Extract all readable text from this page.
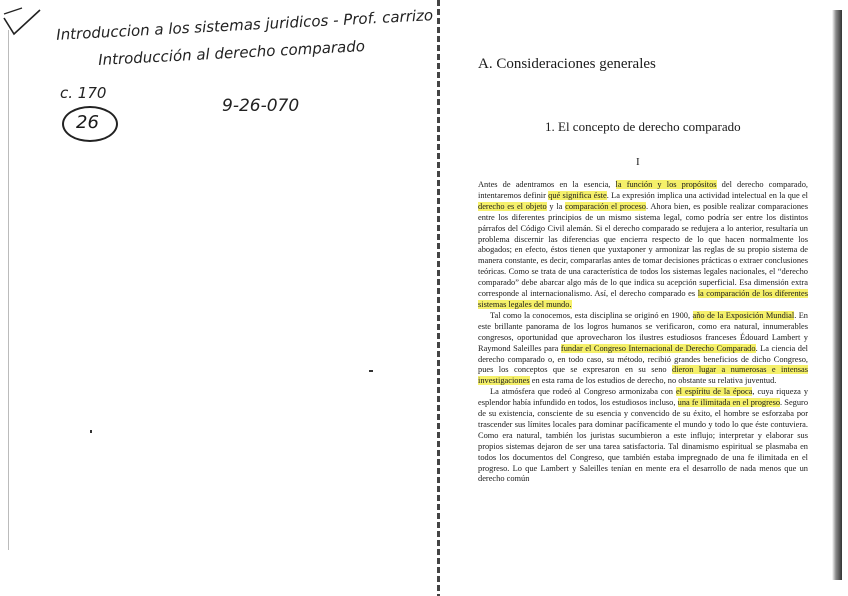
Introduccion a los sistemas juridicos - Prof. carrizo
Introducción al derecho comparado
c. 170
26
9-26-070
A. Consideraciones generales
1. El concepto de derecho comparado
I

Antes de adentramos en la esencia, la función y los propósitos del derecho comparado, intentaremos definir qué significa éste. La expresión implica una actividad intelectual en la que el derecho es el objeto y la comparación el proceso. Ahora bien, es posible realizar comparaciones entre los diferentes principios de un mismo sistema legal, como podría ser entre los distintos párrafos del Código Civil alemán. Si el derecho comparado se redujera a lo anterior, resultaría un problema discernir las diferencias que encierra respecto de lo que hacen normalmente los abogados; en efecto, éstos tienen que yuxtaponer y armonizar las reglas de su propio sistema de manera constante, es decir, compararlas antes de tomar decisiones prácticas o extraer conclusiones teóricas. Como se trata de una característica de todos los sistemas legales nacionales, el “derecho comparado” debe abarcar algo más de lo que indica su acepción superficial. Esa dimensión extra corresponde al internacionalismo. Así, el derecho comparado es la comparación de los diferentes sistemas legales del mundo.

Tal como la conocemos, esta disciplina se originó en 1900, año de la Exposición Mundial. En este brillante panorama de los logros humanos se verificaron, como era natural, innumerables congresos, oportunidad que aprovecharon los ilustres estudiosos franceses Édouard Lambert y Raymond Saleilles para fundar el Congreso Internacional de Derecho Comparado. La ciencia del derecho comparado o, en todo caso, su método, recibió grandes beneficios de dicho Congreso, pues los conceptos que se expresaron en su seno dieron lugar a numerosas e intensas investigaciones en esta rama de los estudios de derecho, no obstante su relativa juventud.

La atmósfera que rodeó al Congreso armonizaba con el espíritu de la época, cuya riqueza y esplendor había infundido en todos, los estudiosos incluso, una fe ilimitada en el progreso. Seguro de su existencia, consciente de su esencia y convencido de su éxito, el hombre se esforzaba por trascender sus límites locales para dominar pacíficamente el mundo y todo lo que éste contuviera. Como era natural, también los juristas sucumbieron a este influjo; interpretar y elaborar sus propios sistemas dejaron de ser una tarea satisfactoria. Tal dinamismo espiritual se plasmaba en todos los documentos del Congreso, que también estaba impregnado de una fe ilimitada en el progreso. Lo que Lambert y Saleilles tenían en mente era el desarrollo de nada menos que un derecho común
